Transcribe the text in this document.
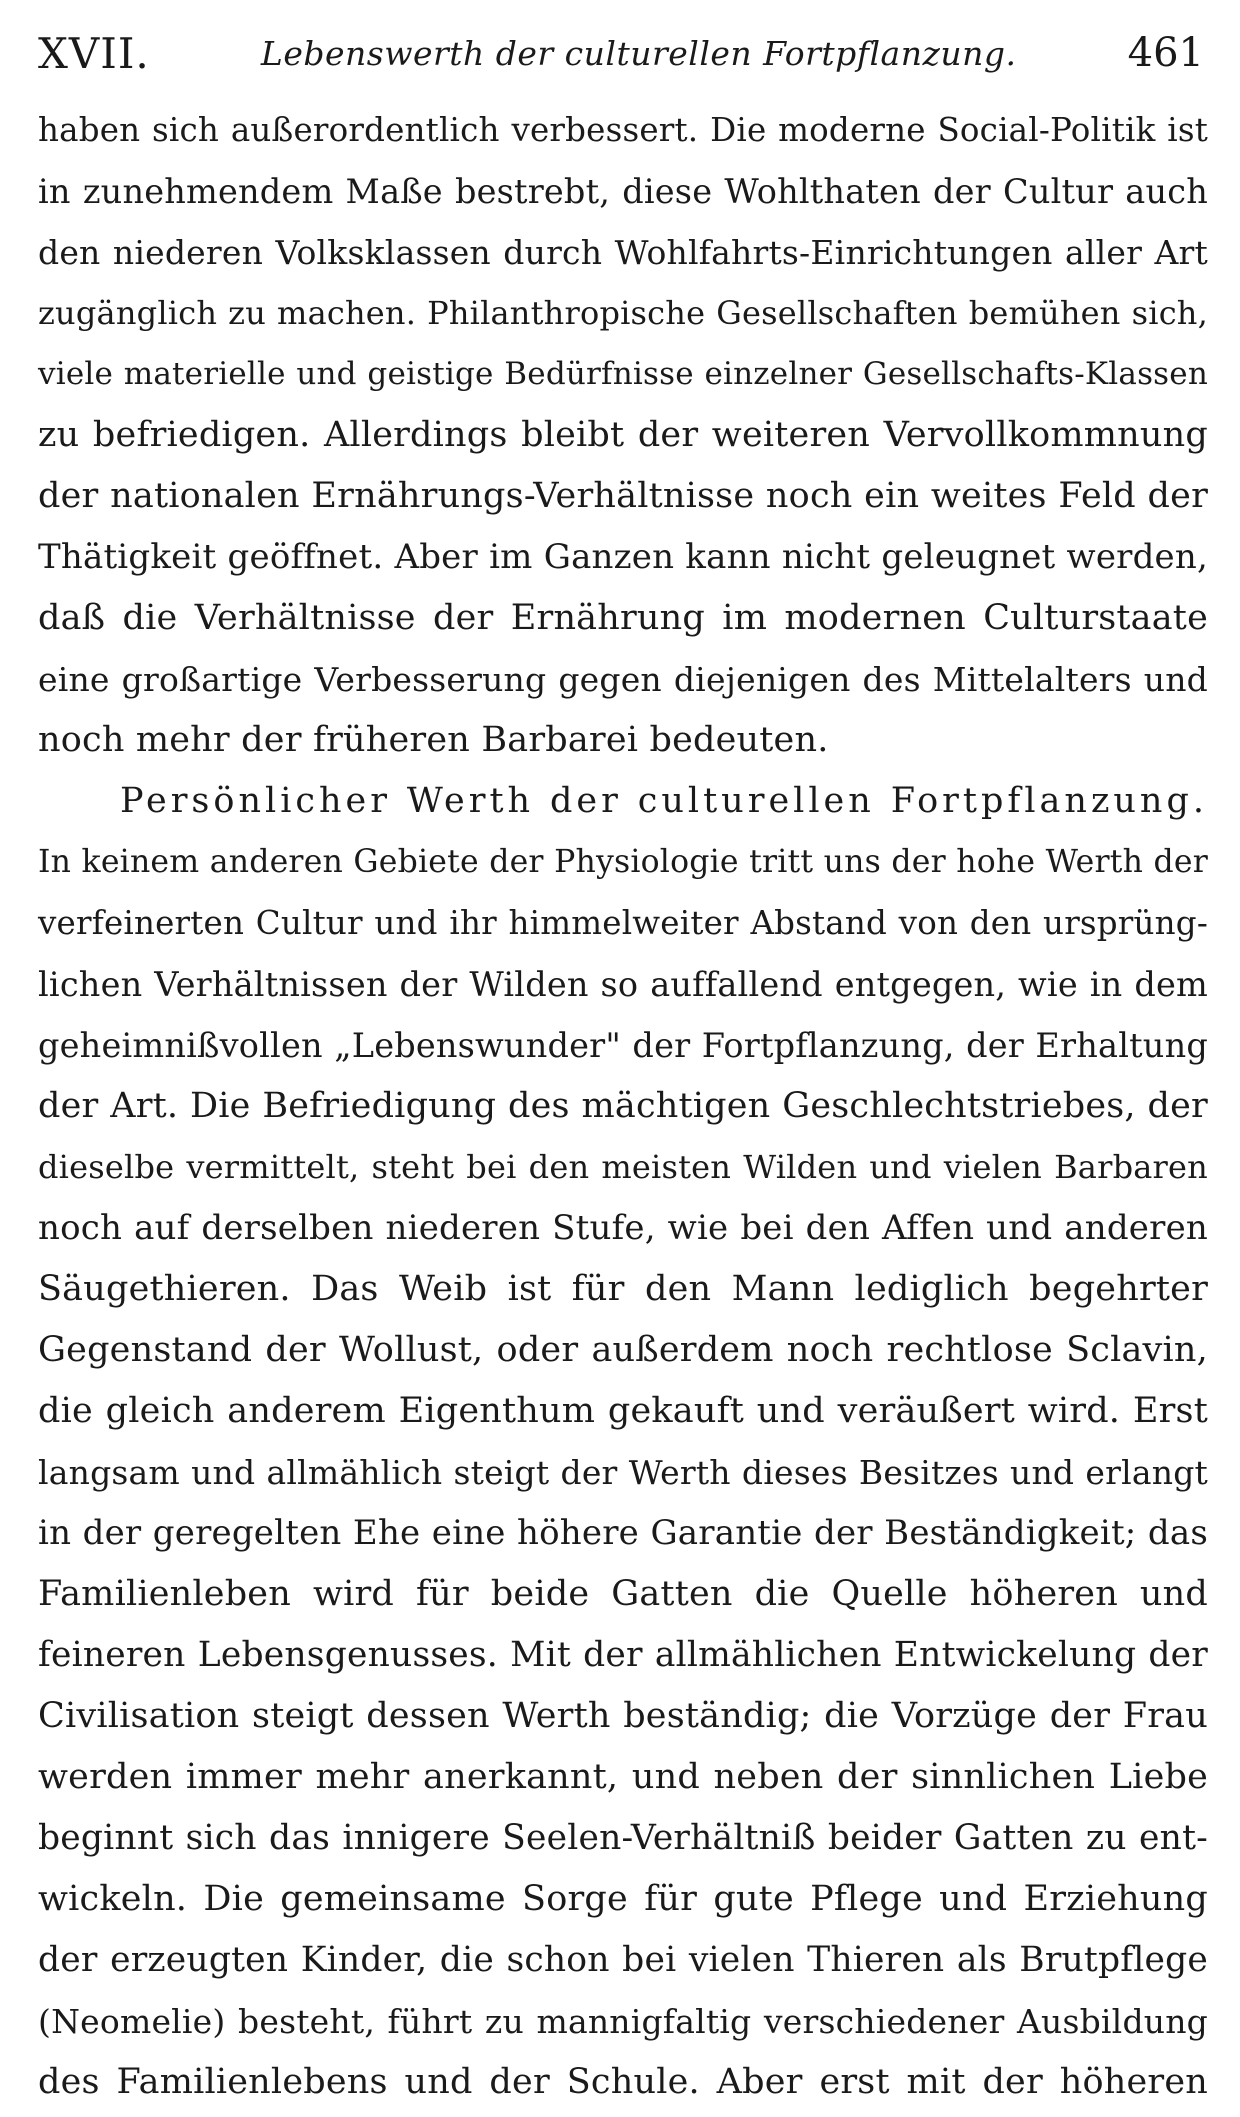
XVII.	Lebenswerth der culturellen Fortpflanzung.	461
haben sich außerordentlich verbessert. Die moderne Social-Politik ist
in zunehmendem Maße bestrebt, diese Wohlthaten der Cultur auch
den niederen Volksklassen durch Wohlfahrts-Einrichtungen aller Art
zugänglich zu machen. Philanthropische Gesellschaften bemühen sich,
viele materielle und geistige Bedürfnisse einzelner Gesellschafts-Klassen
zu befriedigen. Allerdings bleibt der weiteren Vervollkommnung
der nationalen Ernährungs-Verhältnisse noch ein weites Feld der
Thätigkeit geöffnet. Aber im Ganzen kann nicht geleugnet werden,
daß die Verhältnisse der Ernährung im modernen Culturstaate
eine großartige Verbesserung gegen diejenigen des Mittelalters und
noch mehr der früheren Barbarei bedeuten.
Persönlicher Werth der culturellen Fortpflanzung.
In keinem anderen Gebiete der Physiologie tritt uns der hohe Werth der
verfeinerten Cultur und ihr himmelweiter Abstand von den ursprüng-
lichen Verhältnissen der Wilden so auffallend entgegen, wie in dem
geheimnißvollen „Lebenswunder" der Fortpflanzung, der Erhaltung
der Art. Die Befriedigung des mächtigen Geschlechtstriebes, der
dieselbe vermittelt, steht bei den meisten Wilden und vielen Barbaren
noch auf derselben niederen Stufe, wie bei den Affen und anderen
Säugethieren. Das Weib ist für den Mann lediglich begehrter
Gegenstand der Wollust, oder außerdem noch rechtlose Sclavin,
die gleich anderem Eigenthum gekauft und veräußert wird. Erst
langsam und allmählich steigt der Werth dieses Besitzes und erlangt
in der geregelten Ehe eine höhere Garantie der Beständigkeit; das
Familienleben wird für beide Gatten die Quelle höheren und
feineren Lebensgenusses. Mit der allmählichen Entwickelung der
Civilisation steigt dessen Werth beständig; die Vorzüge der Frau
werden immer mehr anerkannt, und neben der sinnlichen Liebe
beginnt sich das innigere Seelen-Verhältniß beider Gatten zu ent-
wickeln. Die gemeinsame Sorge für gute Pflege und Erziehung
der erzeugten Kinder, die schon bei vielen Thieren als Brutpflege
(Neomelie) besteht, führt zu mannigfaltig verschiedener Ausbildung
des Familienlebens und der Schule. Aber erst mit der höheren
